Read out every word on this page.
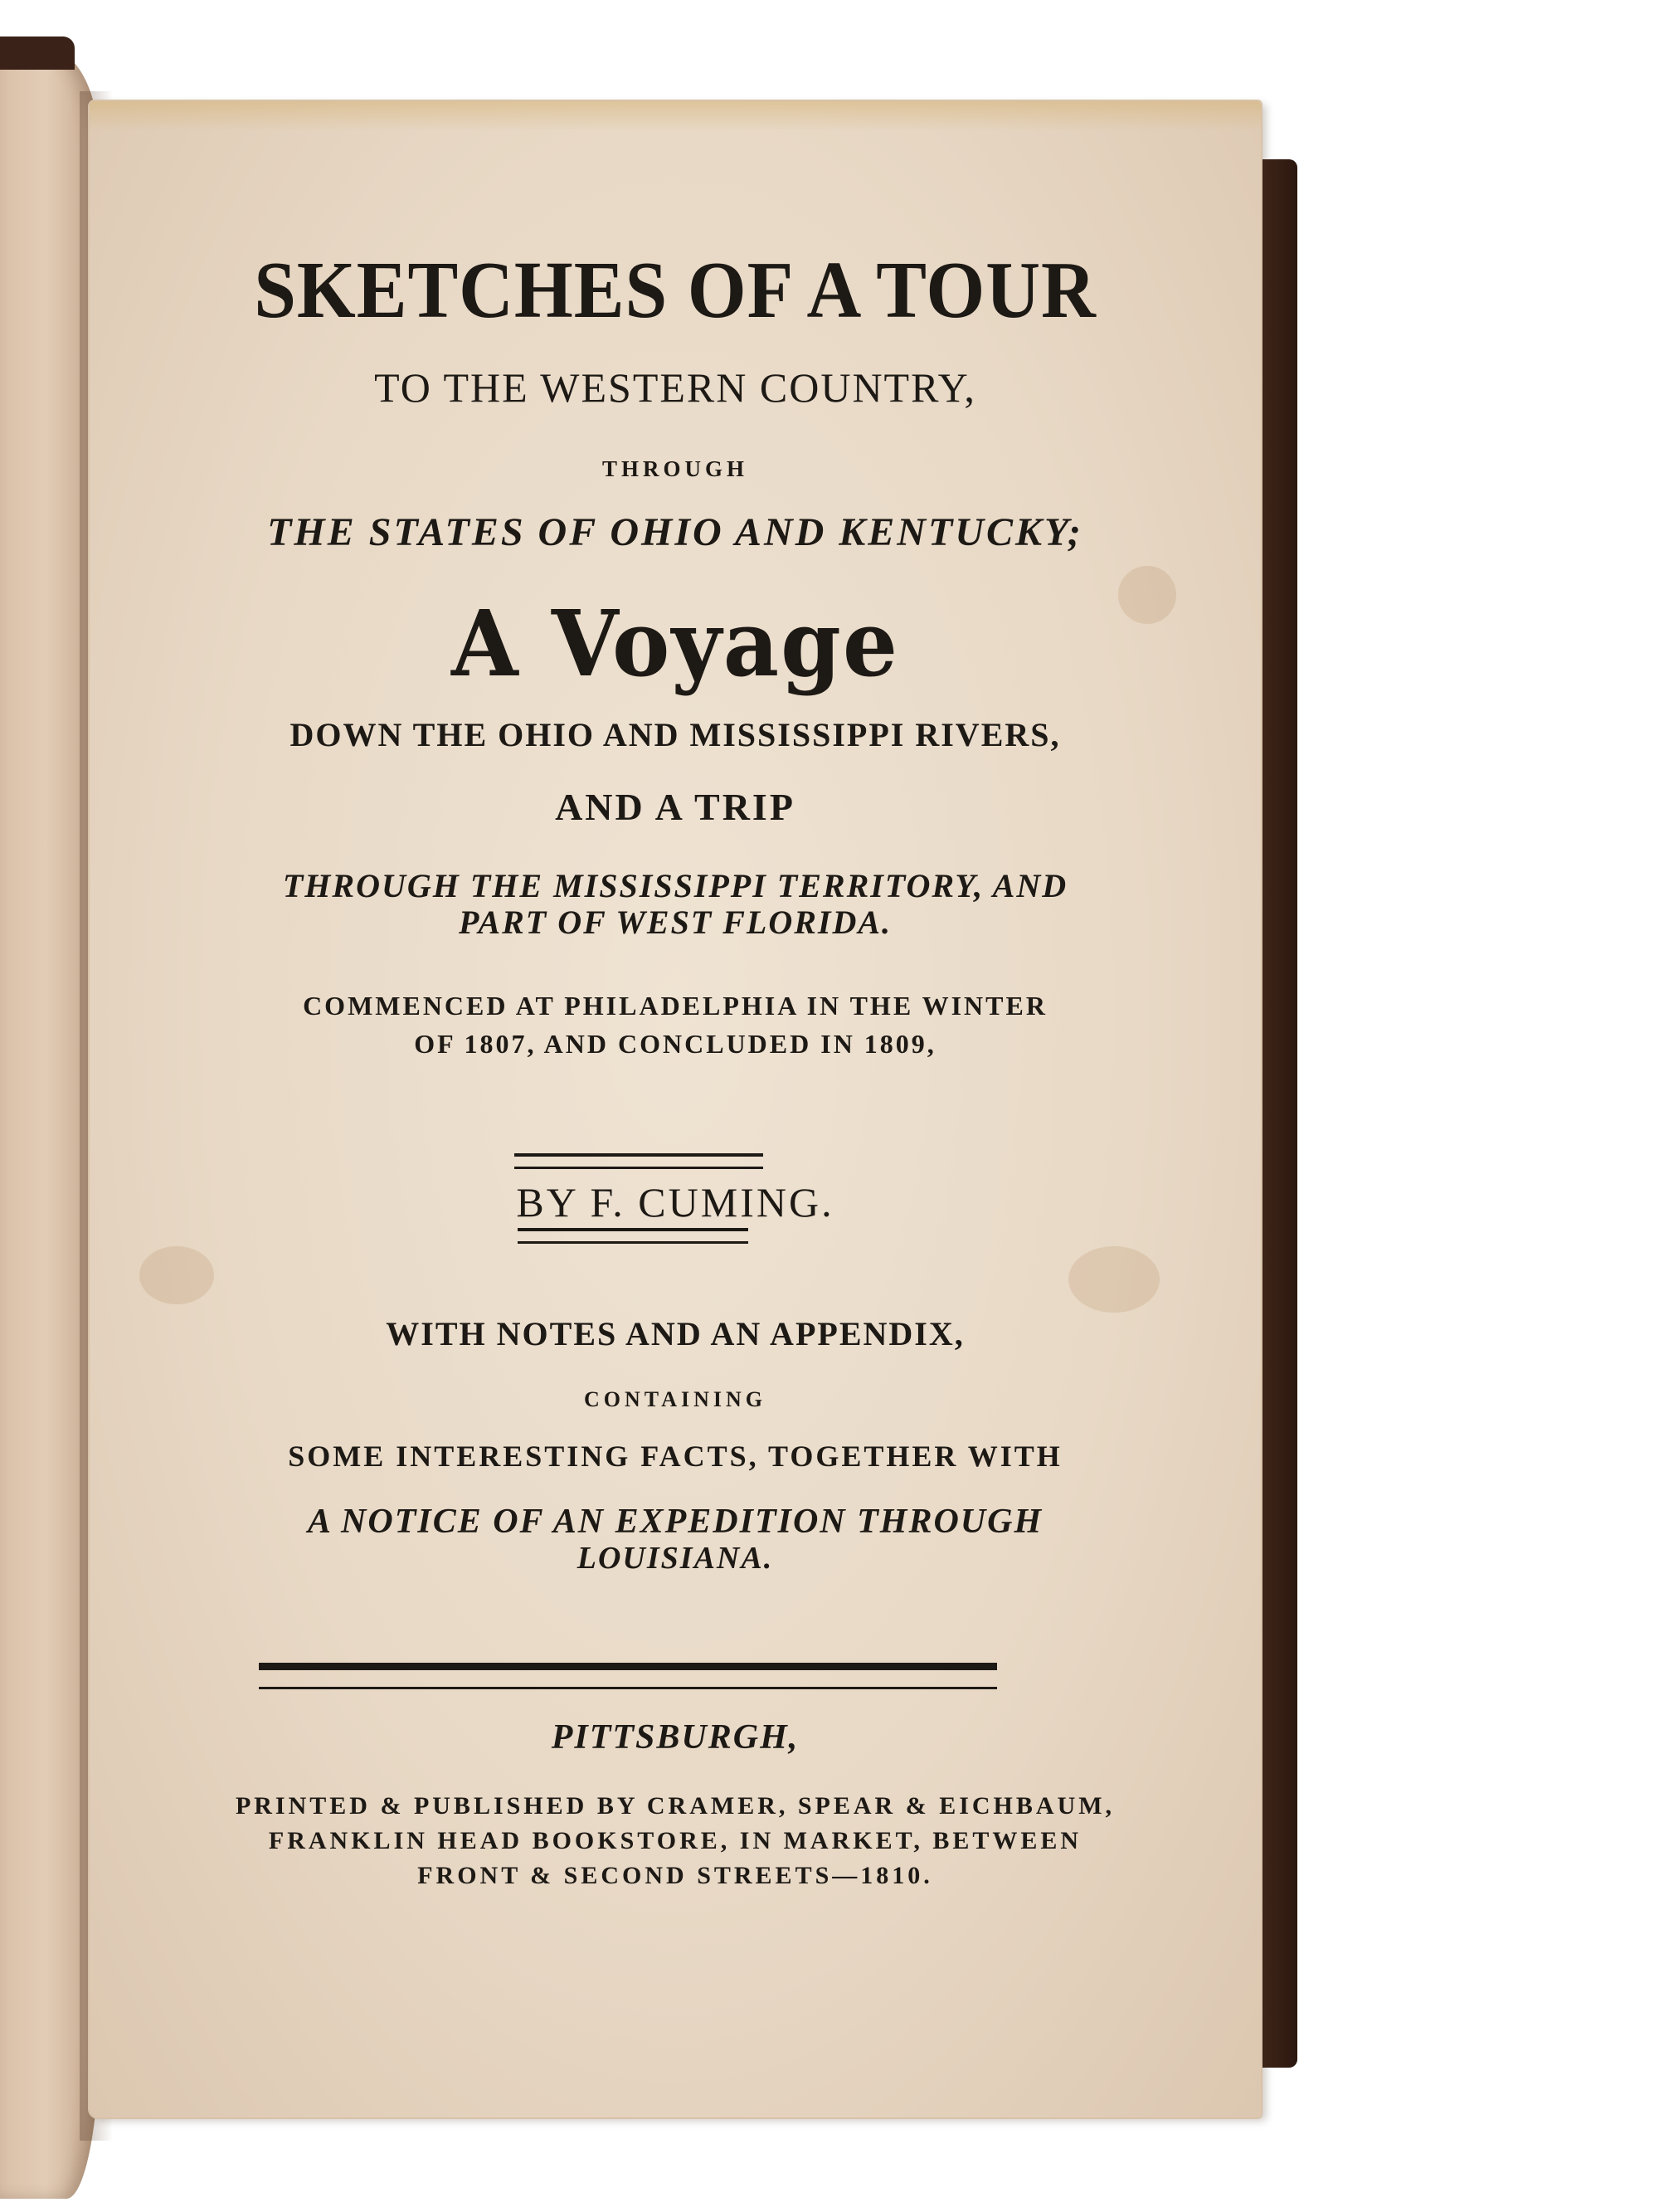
SKETCHES OF A TOUR
TO THE WESTERN COUNTRY,
THROUGH
THE STATES OF OHIO AND KENTUCKY;
A Voyage
DOWN THE OHIO AND MISSISSIPPI RIVERS,
AND A TRIP
THROUGH THE MISSISSIPPI TERRITORY, AND
PART OF WEST FLORIDA.
COMMENCED AT PHILADELPHIA IN THE WINTER
OF 1807, AND CONCLUDED IN 1809,
BY F. CUMING.
WITH NOTES AND AN APPENDIX,
CONTAINING
SOME INTERESTING FACTS, TOGETHER WITH
A NOTICE OF AN EXPEDITION THROUGH
LOUISIANA.
PITTSBURGH,
PRINTED & PUBLISHED BY CRAMER, SPEAR & EICHBAUM,
FRANKLIN HEAD BOOKSTORE, IN MARKET, BETWEEN
FRONT & SECOND STREETS—1810.
